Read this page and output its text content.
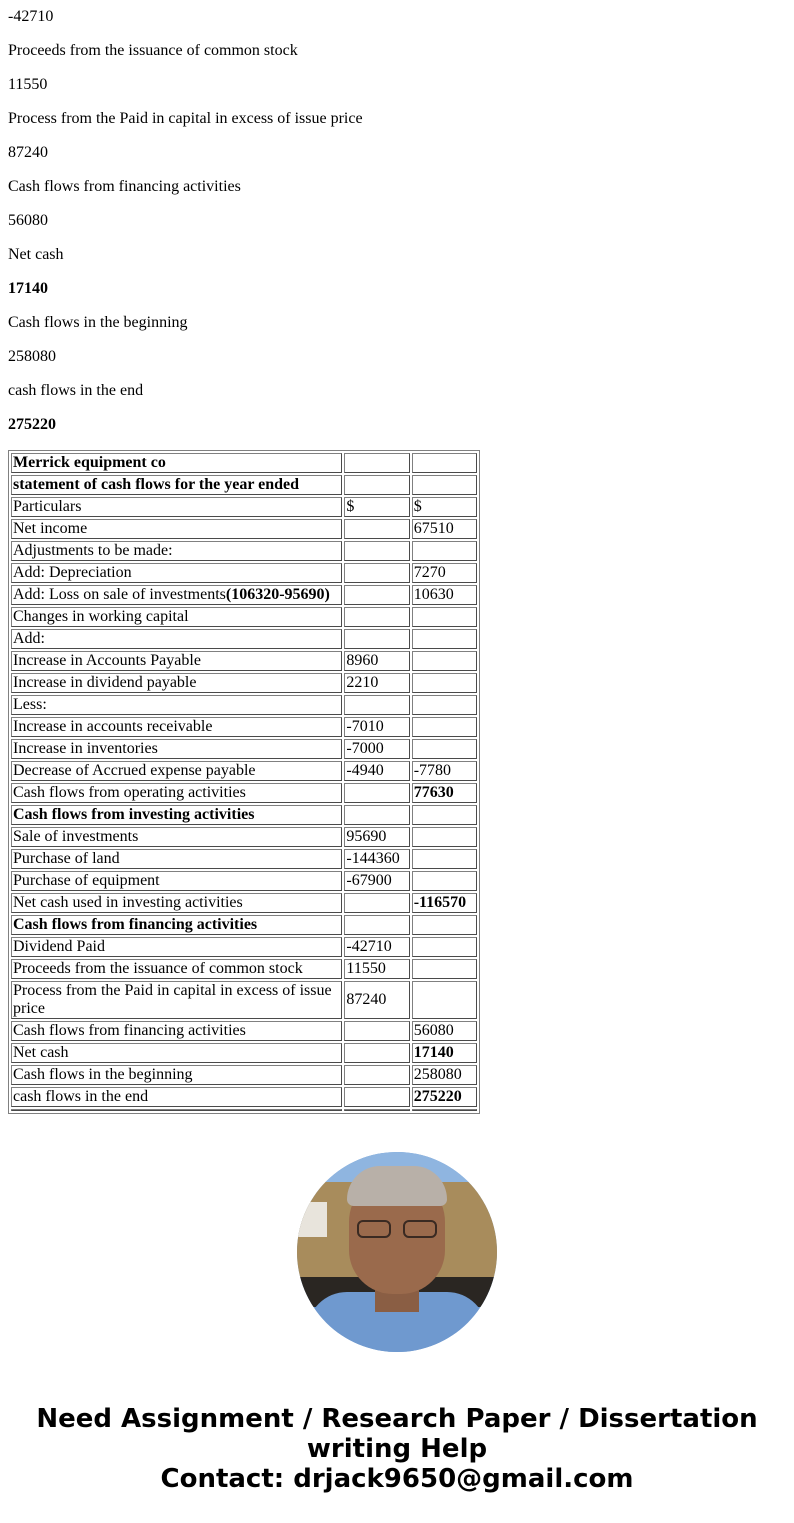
-42710

Proceeds from the issuance of common stock

11550

Process from the Paid in capital in excess of issue price

87240

Cash flows from financing activities

56080

Net cash

17140

Cash flows in the beginning

258080

cash flows in the end

275220

Merrick equipment co		
statement of cash flows for the year ended		
Particulars	$	$
Net income		67510
Adjustments to be made:		
Add: Depreciation		7270
Add: Loss on sale of investments(106320-95690)		10630
Changes in working capital		
Add:		
Increase in Accounts Payable	8960	
Increase in dividend payable	2210	
Less:		
Increase in accounts receivable	-7010	
Increase in inventories	-7000	
Decrease of Accrued expense payable	-4940	-7780
Cash flows from operating activities		77630
Cash flows from investing activities		
Sale of investments	95690	
Purchase of land	-144360	
Purchase of equipment	-67900	
Net cash used in investing activities		-116570
Cash flows from financing activities		
Dividend Paid	-42710	
Proceeds from the issuance of common stock	11550	
Process from the Paid in capital in excess of issue price	87240	
Cash flows from financing activities		56080
Net cash		17140
Cash flows in the beginning		258080
cash flows in the end		275220

Need Assignment / Research Paper / Dissertation
writing Help
Contact: drjack9650@gmail.com
